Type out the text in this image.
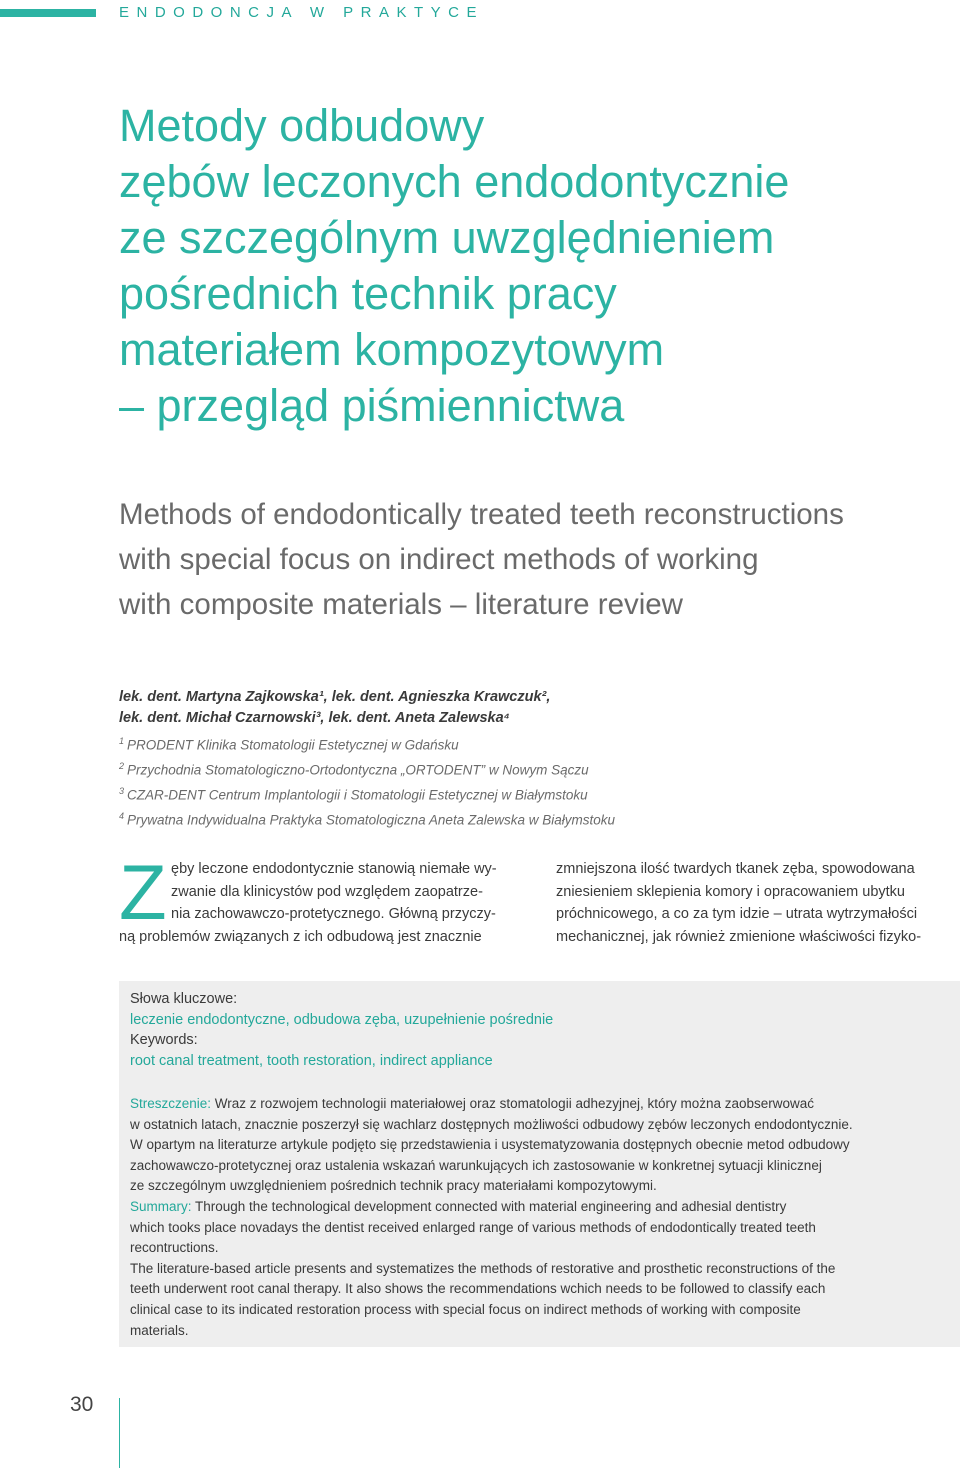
ENDODONCJA W PRAKTYCE
Metody odbudowy
zębów leczonych endodontycznie
ze szczególnym uwzględnieniem
pośrednich technik pracy
materiałem kompozytowym
– przegląd piśmiennictwa
Methods of endodontically treated teeth reconstructions
with special focus on indirect methods of working
with composite materials – literature review
lek. dent. Martyna Zajkowska¹, lek. dent. Agnieszka Krawczuk²,
lek. dent. Michał Czarnowski³, lek. dent. Aneta Zalewska⁴
$^1$ PRODENT Klinika Stomatologii Estetycznej w Gdańsku
$^2$ Przychodnia Stomatologiczno-Ortodontyczna „ORTODENT” w Nowym Sączu
$^3$ CZAR-DENT Centrum Implantologii i Stomatologii Estetycznej w Białymstoku
$^4$ Prywatna Indywidualna Praktyka Stomatologiczna Aneta Zalewska w Białymstoku
Z ęby leczone endodontycznie stanowią niemałe wy-
zwanie dla klinicystów pod względem zaopatrze-
nia zachowawczo-protetycznego. Główną przyczy-
ną problemów związanych z ich odbudową jest znacznie
zmniejszona ilość twardych tkanek zęba, spowodowana
zniesieniem sklepienia komory i opracowaniem ubytku
próchnicowego, a co za tym idzie – utrata wytrzymałości
mechanicznej, jak również zmienione właściwości fizyko-
Słowa kluczowe:
leczenie endodontyczne, odbudowa zęba, uzupełnienie pośrednie
Keywords:
root canal treatment, tooth restoration, indirect appliance
Streszczenie: Wraz z rozwojem technologii materiałowej oraz stomatologii adhezyjnej, który można zaobserwować
w ostatnich latach, znacznie poszerzył się wachlarz dostępnych możliwości odbudowy zębów leczonych endodontycznie.
W opartym na literaturze artykule podjęto się przedstawienia i usystematyzowania dostępnych obecnie metod odbudowy
zachowawczo-protetycznej oraz ustalenia wskazań warunkujących ich zastosowanie w konkretnej sytuacji klinicznej
ze szczególnym uwzględnieniem pośrednich technik pracy materiałami kompozytowymi.
Summary: Through the technological development connected with material engineering and adhesial dentistry
which tooks place novadays the dentist received enlarged range of various methods of endodontically treated teeth
recontructions.
The literature-based article presents and systematizes the methods of restorative and prosthetic reconstructions of the
teeth underwent root canal therapy. It also shows the recommendations wchich needs to be followed to classify each
clinical case to its indicated restoration process with special focus on indirect methods of working with composite
materials.
30
